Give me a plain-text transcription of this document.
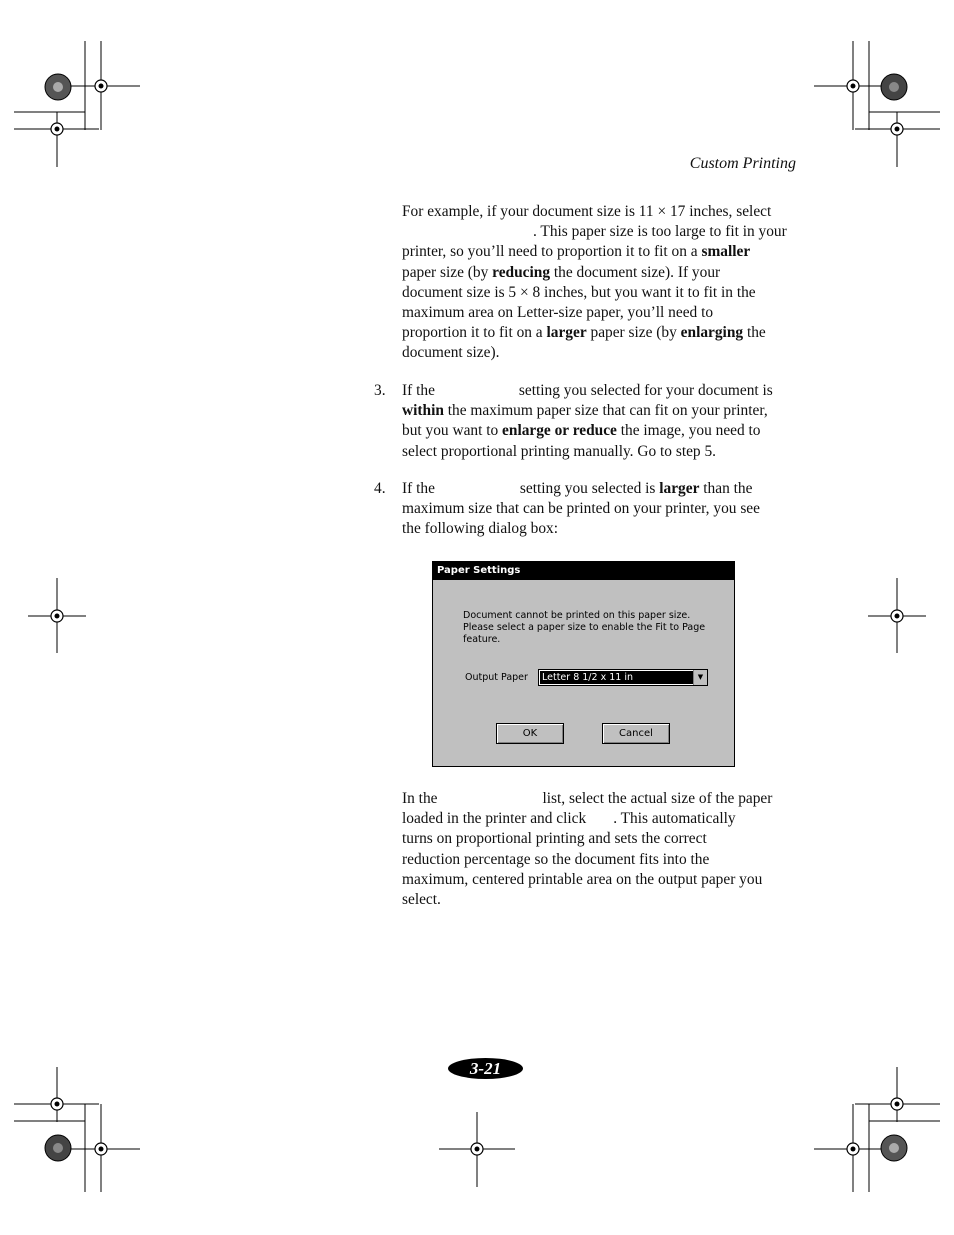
Custom Printing
For example, if your document size is 11 × 17 inches, select
. This paper size is too large to fit in your
printer, so you’ll need to proportion it to fit on a smaller
paper size (by reducing the document size). If your
document size is 5 × 8 inches, but you want it to fit in the
maximum area on Letter-size paper, you’ll need to
proportion it to fit on a larger paper size (by enlarging the
document size).
3. If the	setting you selected for your document is
within the maximum paper size that can fit on your printer,
but you want to enlarge or reduce the image, you need to
select proportional printing manually. Go to step 5.
4. If the	setting you selected is larger than the
maximum size that can be printed on your printer, you see
the following dialog box:
Paper Settings
Document cannot be printed on this paper size.
Please select a paper size to enable the Fit to Page
feature.
Output Paper Letter 8 1/2 x 11 in	▼
OK	Cancel
In the	list, select the actual size of the paper
loaded in the printer and click . This automatically
turns on proportional printing and sets the correct
reduction percentage so the document fits into the
maximum, centered printable area on the output paper you
select.
3-21
